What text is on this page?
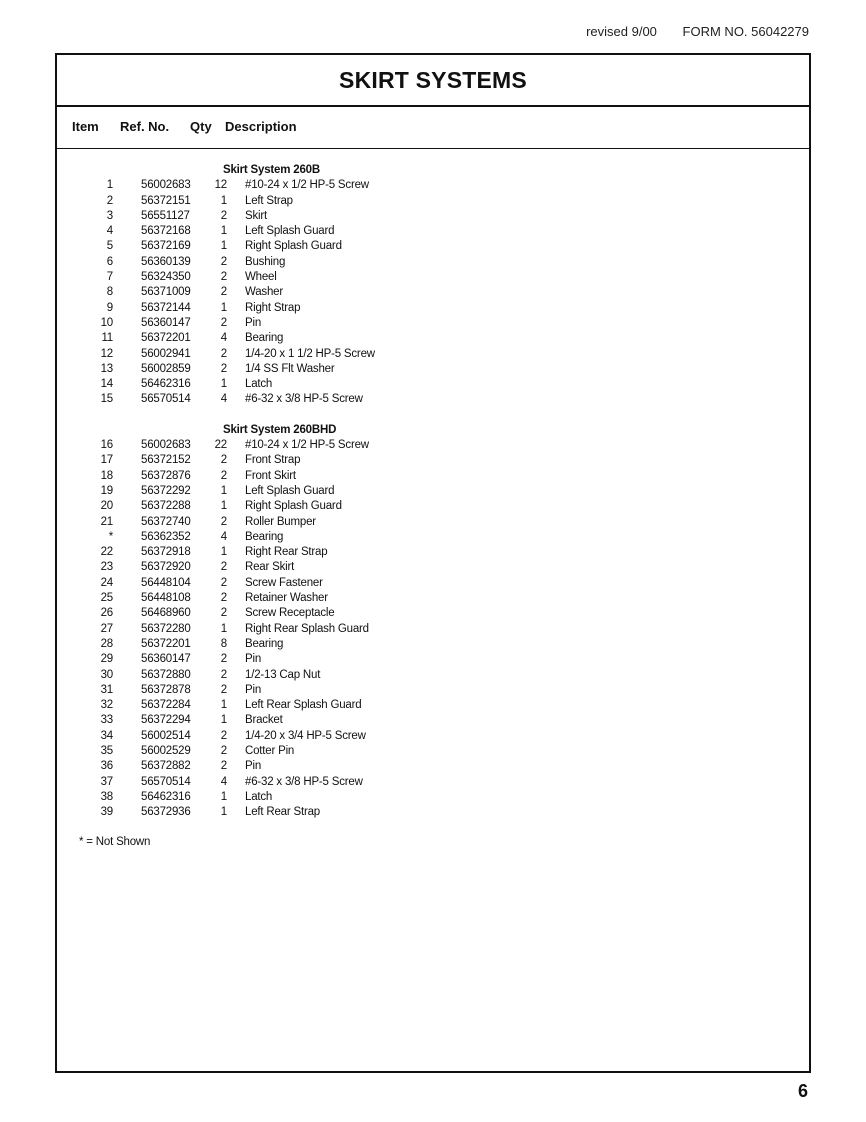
revised 9/00 FORM NO. 56042279
SKIRT SYSTEMS
Item Ref. No. Qty Description
Skirt System 260B
1 56002683	12 #10-24 x 1/2 HP-5 Screw
2 56372151	1 Left Strap
3 56551127	2 Skirt
4 56372168	1 Left Splash Guard
5 56372169	1 Right Splash Guard
6 56360139	2 Bushing
7 56324350	2 Wheel
8 56371009	2 Washer
9 56372144	1 Right Strap
10 56360147	2 Pin
11 56372201	4 Bearing
12 56002941	2 1/4-20 x 1 1/2 HP-5 Screw
13 56002859	2 1/4 SS Flt Washer
14 56462316	1 Latch
15 56570514	4 #6-32 x 3/8 HP-5 Screw
Skirt System 260BHD
16 56002683	22 #10-24 x 1/2 HP-5 Screw
17 56372152	2 Front Strap
18 56372876	2 Front Skirt
19 56372292	1 Left Splash Guard
20 56372288	1 Right Splash Guard
21 56372740	2 Roller Bumper
* 56362352	4 Bearing
22 56372918	1 Right Rear Strap
23 56372920	2 Rear Skirt
24 56448104	2 Screw Fastener
25 56448108	2 Retainer Washer
26 56468960	2 Screw Receptacle
27 56372280	1 Right Rear Splash Guard
28 56372201	8 Bearing
29 56360147	2 Pin
30 56372880	2 1/2-13 Cap Nut
31 56372878	2 Pin
32 56372284	1 Left Rear Splash Guard
33 56372294	1 Bracket
34 56002514	2 1/4-20 x 3/4 HP-5 Screw
35 56002529	2 Cotter Pin
36 56372882	2 Pin
37 56570514	4 #6-32 x 3/8 HP-5 Screw
38 56462316	1 Latch
39 56372936	1 Left Rear Strap
* = Not Shown
6
